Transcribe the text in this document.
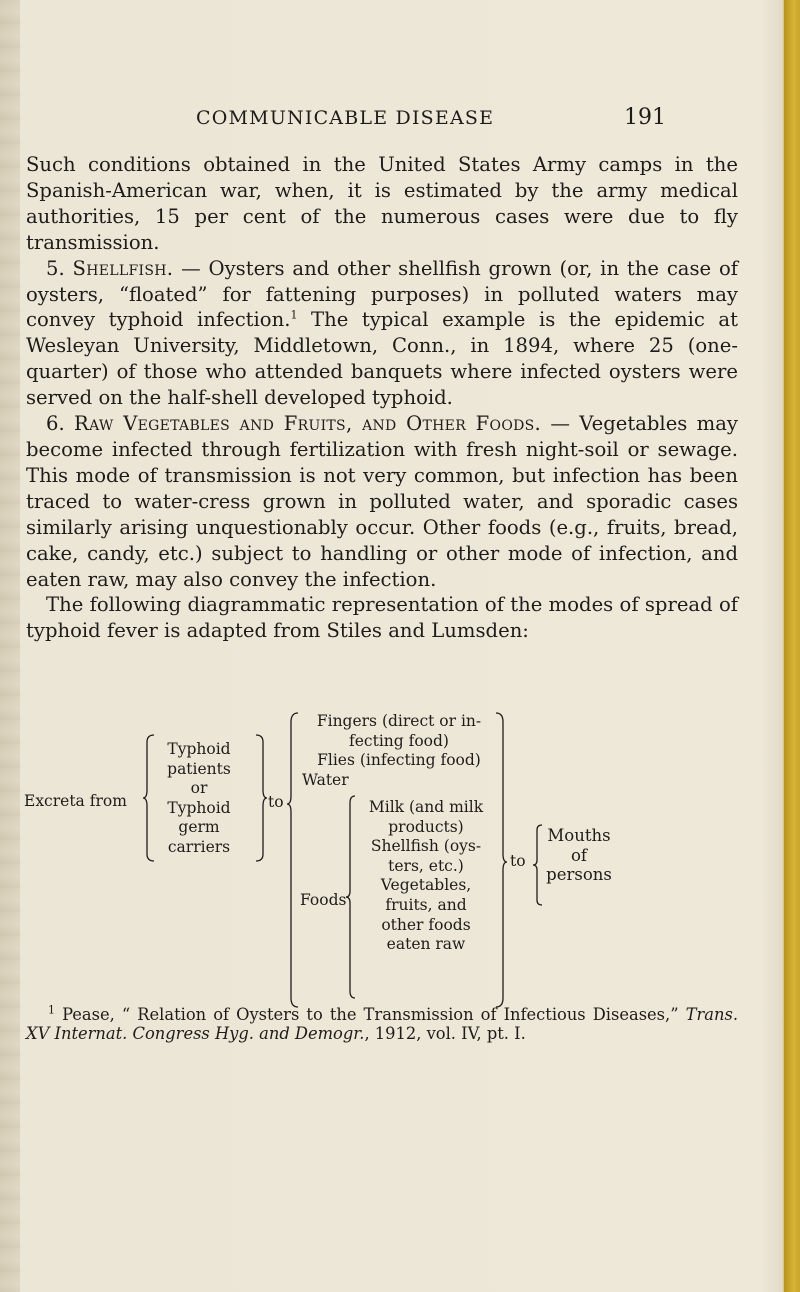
COMMUNICABLE DISEASE	191

Such conditions obtained in the United States Army camps in the Spanish-American war, when, it is estimated by the army medical authorities, 15 per cent of the numerous cases were due to fly transmission.

5. Shellfish. — Oysters and other shellfish grown (or, in the case of oysters, “floated” for fattening purposes) in polluted waters may convey typhoid infection.$^1$ The typical example is the epidemic at Wesleyan University, Middletown, Conn., in 1894, where 25 (one-quarter) of those who attended banquets where infected oysters were served on the half-shell developed typhoid.

6. Raw Vegetables and Fruits, and Other Foods. — Vegetables may become infected through fertilization with fresh night-soil or sewage. This mode of transmission is not very common, but infection has been traced to water-cress grown in polluted water, and sporadic cases similarly arising unquestionably occur. Other foods (e.g., fruits, bread, cake, candy, etc.) subject to handling or other mode of infection, and eaten raw, may also convey the infection.

The following diagrammatic representation of the modes of spread of typhoid fever is adapted from Stiles and Lumsden:

Excreta from
Typhoid
patients
or
Typhoid
germ
carriers
to
Fingers (direct or in-
fecting food)
Flies (infecting food)
Water
Foods
Milk (and milk
products)
Shellfish (oys-
ters, etc.)
Vegetables,
fruits, and
other foods
eaten raw
to
Mouths
of
persons

$^1$ Pease, “ Relation of Oysters to the Transmission of Infectious Diseases,” Trans. XV Internat. Congress Hyg. and Demogr., 1912, vol. IV, pt. I.
